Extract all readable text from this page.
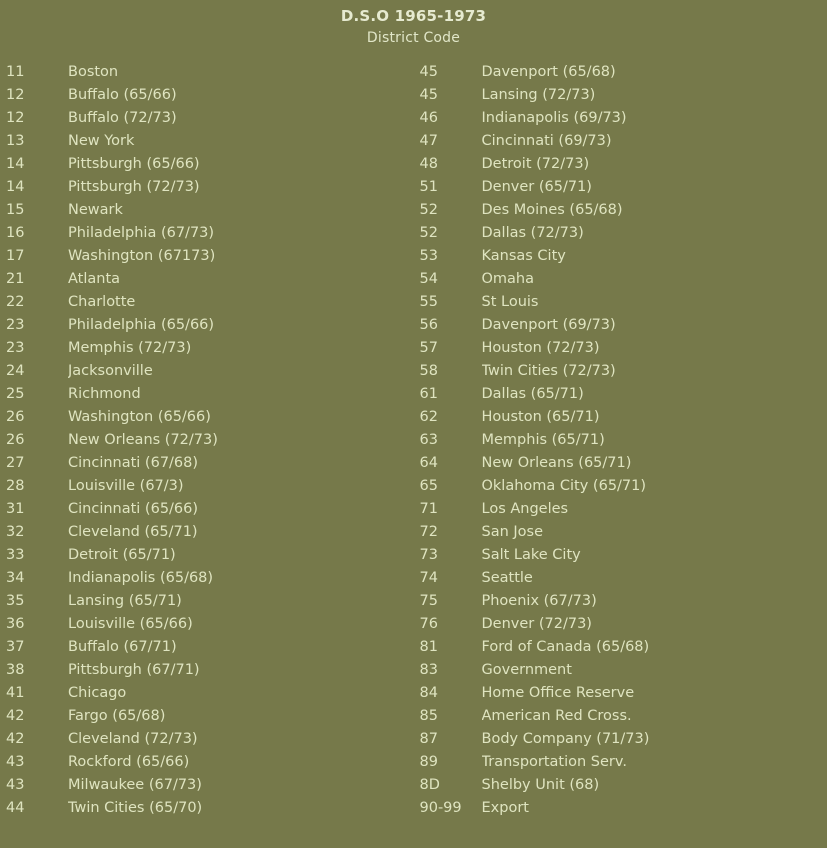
D.S.O 1965-1973
District Code
11	Boston
12	Buffalo (65/66)
12	Buffalo (72/73)
13	New York
14	Pittsburgh (65/66)
14	Pittsburgh (72/73)
15	Newark
16	Philadelphia (67/73)
17	Washington (67173)
21	Atlanta
22	Charlotte
23	Philadelphia (65/66)
23	Memphis (72/73)
24	Jacksonville
25	Richmond
26	Washington (65/66)
26	New Orleans (72/73)
27	Cincinnati (67/68)
28	Louisville (67/3)
31	Cincinnati (65/66)
32	Cleveland (65/71)
33	Detroit (65/71)
34	Indianapolis (65/68)
35	Lansing (65/71)
36	Louisville (65/66)
37	Buffalo (67/71)
38	Pittsburgh (67/71)
41	Chicago
42	Fargo (65/68)
42	Cleveland (72/73)
43	Rockford (65/66)
43	Milwaukee (67/73)
44	Twin Cities (65/70)
45	Davenport (65/68)
45	Lansing (72/73)
46	Indianapolis (69/73)
47	Cincinnati (69/73)
48	Detroit (72/73)
51	Denver (65/71)
52	Des Moines (65/68)
52	Dallas (72/73)
53	Kansas City
54	Omaha
55	St Louis
56	Davenport (69/73)
57	Houston (72/73)
58	Twin Cities (72/73)
61	Dallas (65/71)
62	Houston (65/71)
63	Memphis (65/71)
64	New Orleans (65/71)
65	Oklahoma City (65/71)
71	Los Angeles
72	San Jose
73	Salt Lake City
74	Seattle
75	Phoenix (67/73)
76	Denver (72/73)
81	Ford of Canada (65/68)
83	Government
84	Home Office Reserve
85	American Red Cross.
87	Body Company (71/73)
89	Transportation Serv.
8D	Shelby Unit (68)
90-99	Export
